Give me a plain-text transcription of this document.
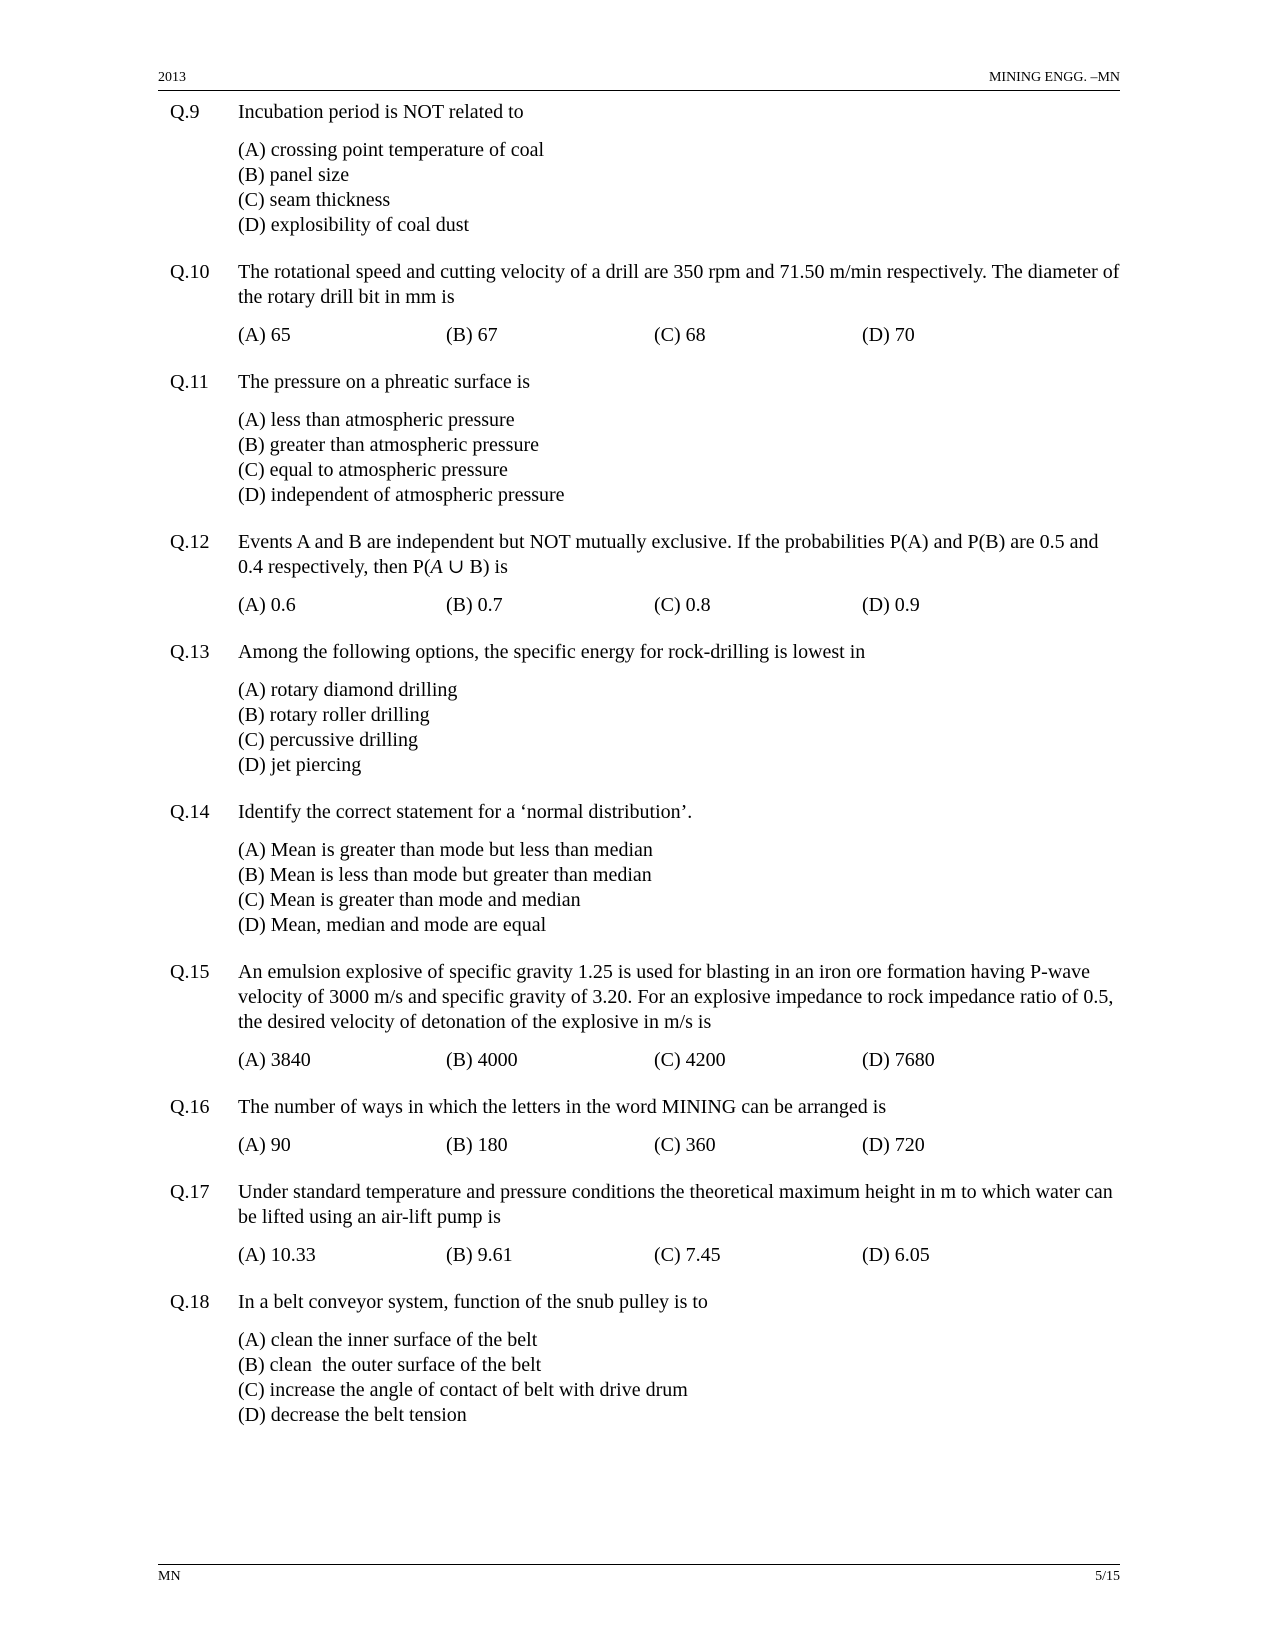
2013	MINING ENGG. –MN
Q.9	Incubation period is NOT related to

(A) crossing point temperature of coal
(B) panel size
(C) seam thickness
(D) explosibility of coal dust
Q.10	The rotational speed and cutting velocity of a drill are 350 rpm and 71.50 m/min respectively. The diameter of the rotary drill bit in mm is

(A) 65	(B) 67	(C) 68	(D) 70
Q.11	The pressure on a phreatic surface is

(A) less than atmospheric pressure
(B) greater than atmospheric pressure
(C) equal to atmospheric pressure
(D) independent of atmospheric pressure
Q.12	Events A and B are independent but NOT mutually exclusive. If the probabilities P(A) and P(B) are 0.5 and 0.4 respectively, then P(A ∪ B) is

(A) 0.6	(B) 0.7	(C) 0.8	(D) 0.9
Q.13	Among the following options, the specific energy for rock-drilling is lowest in

(A) rotary diamond drilling
(B) rotary roller drilling
(C) percussive drilling
(D) jet piercing
Q.14	Identify the correct statement for a ‘normal distribution’.

(A) Mean is greater than mode but less than median
(B) Mean is less than mode but greater than median
(C) Mean is greater than mode and median
(D) Mean, median and mode are equal
Q.15	An emulsion explosive of specific gravity 1.25 is used for blasting in an iron ore formation having P-wave velocity of 3000 m/s and specific gravity of 3.20. For an explosive impedance to rock impedance ratio of 0.5, the desired velocity of detonation of the explosive in m/s is

(A) 3840	(B) 4000	(C) 4200	(D) 7680
Q.16	The number of ways in which the letters in the word MINING can be arranged is

(A) 90	(B) 180	(C) 360	(D) 720
Q.17	Under standard temperature and pressure conditions the theoretical maximum height in m to which water can be lifted using an air-lift pump is

(A) 10.33	(B) 9.61	(C) 7.45	(D) 6.05
Q.18	In a belt conveyor system, function of the snub pulley is to

(A) clean the inner surface of the belt
(B) clean  the outer surface of the belt
(C) increase the angle of contact of belt with drive drum
(D) decrease the belt tension
MN	5/15
